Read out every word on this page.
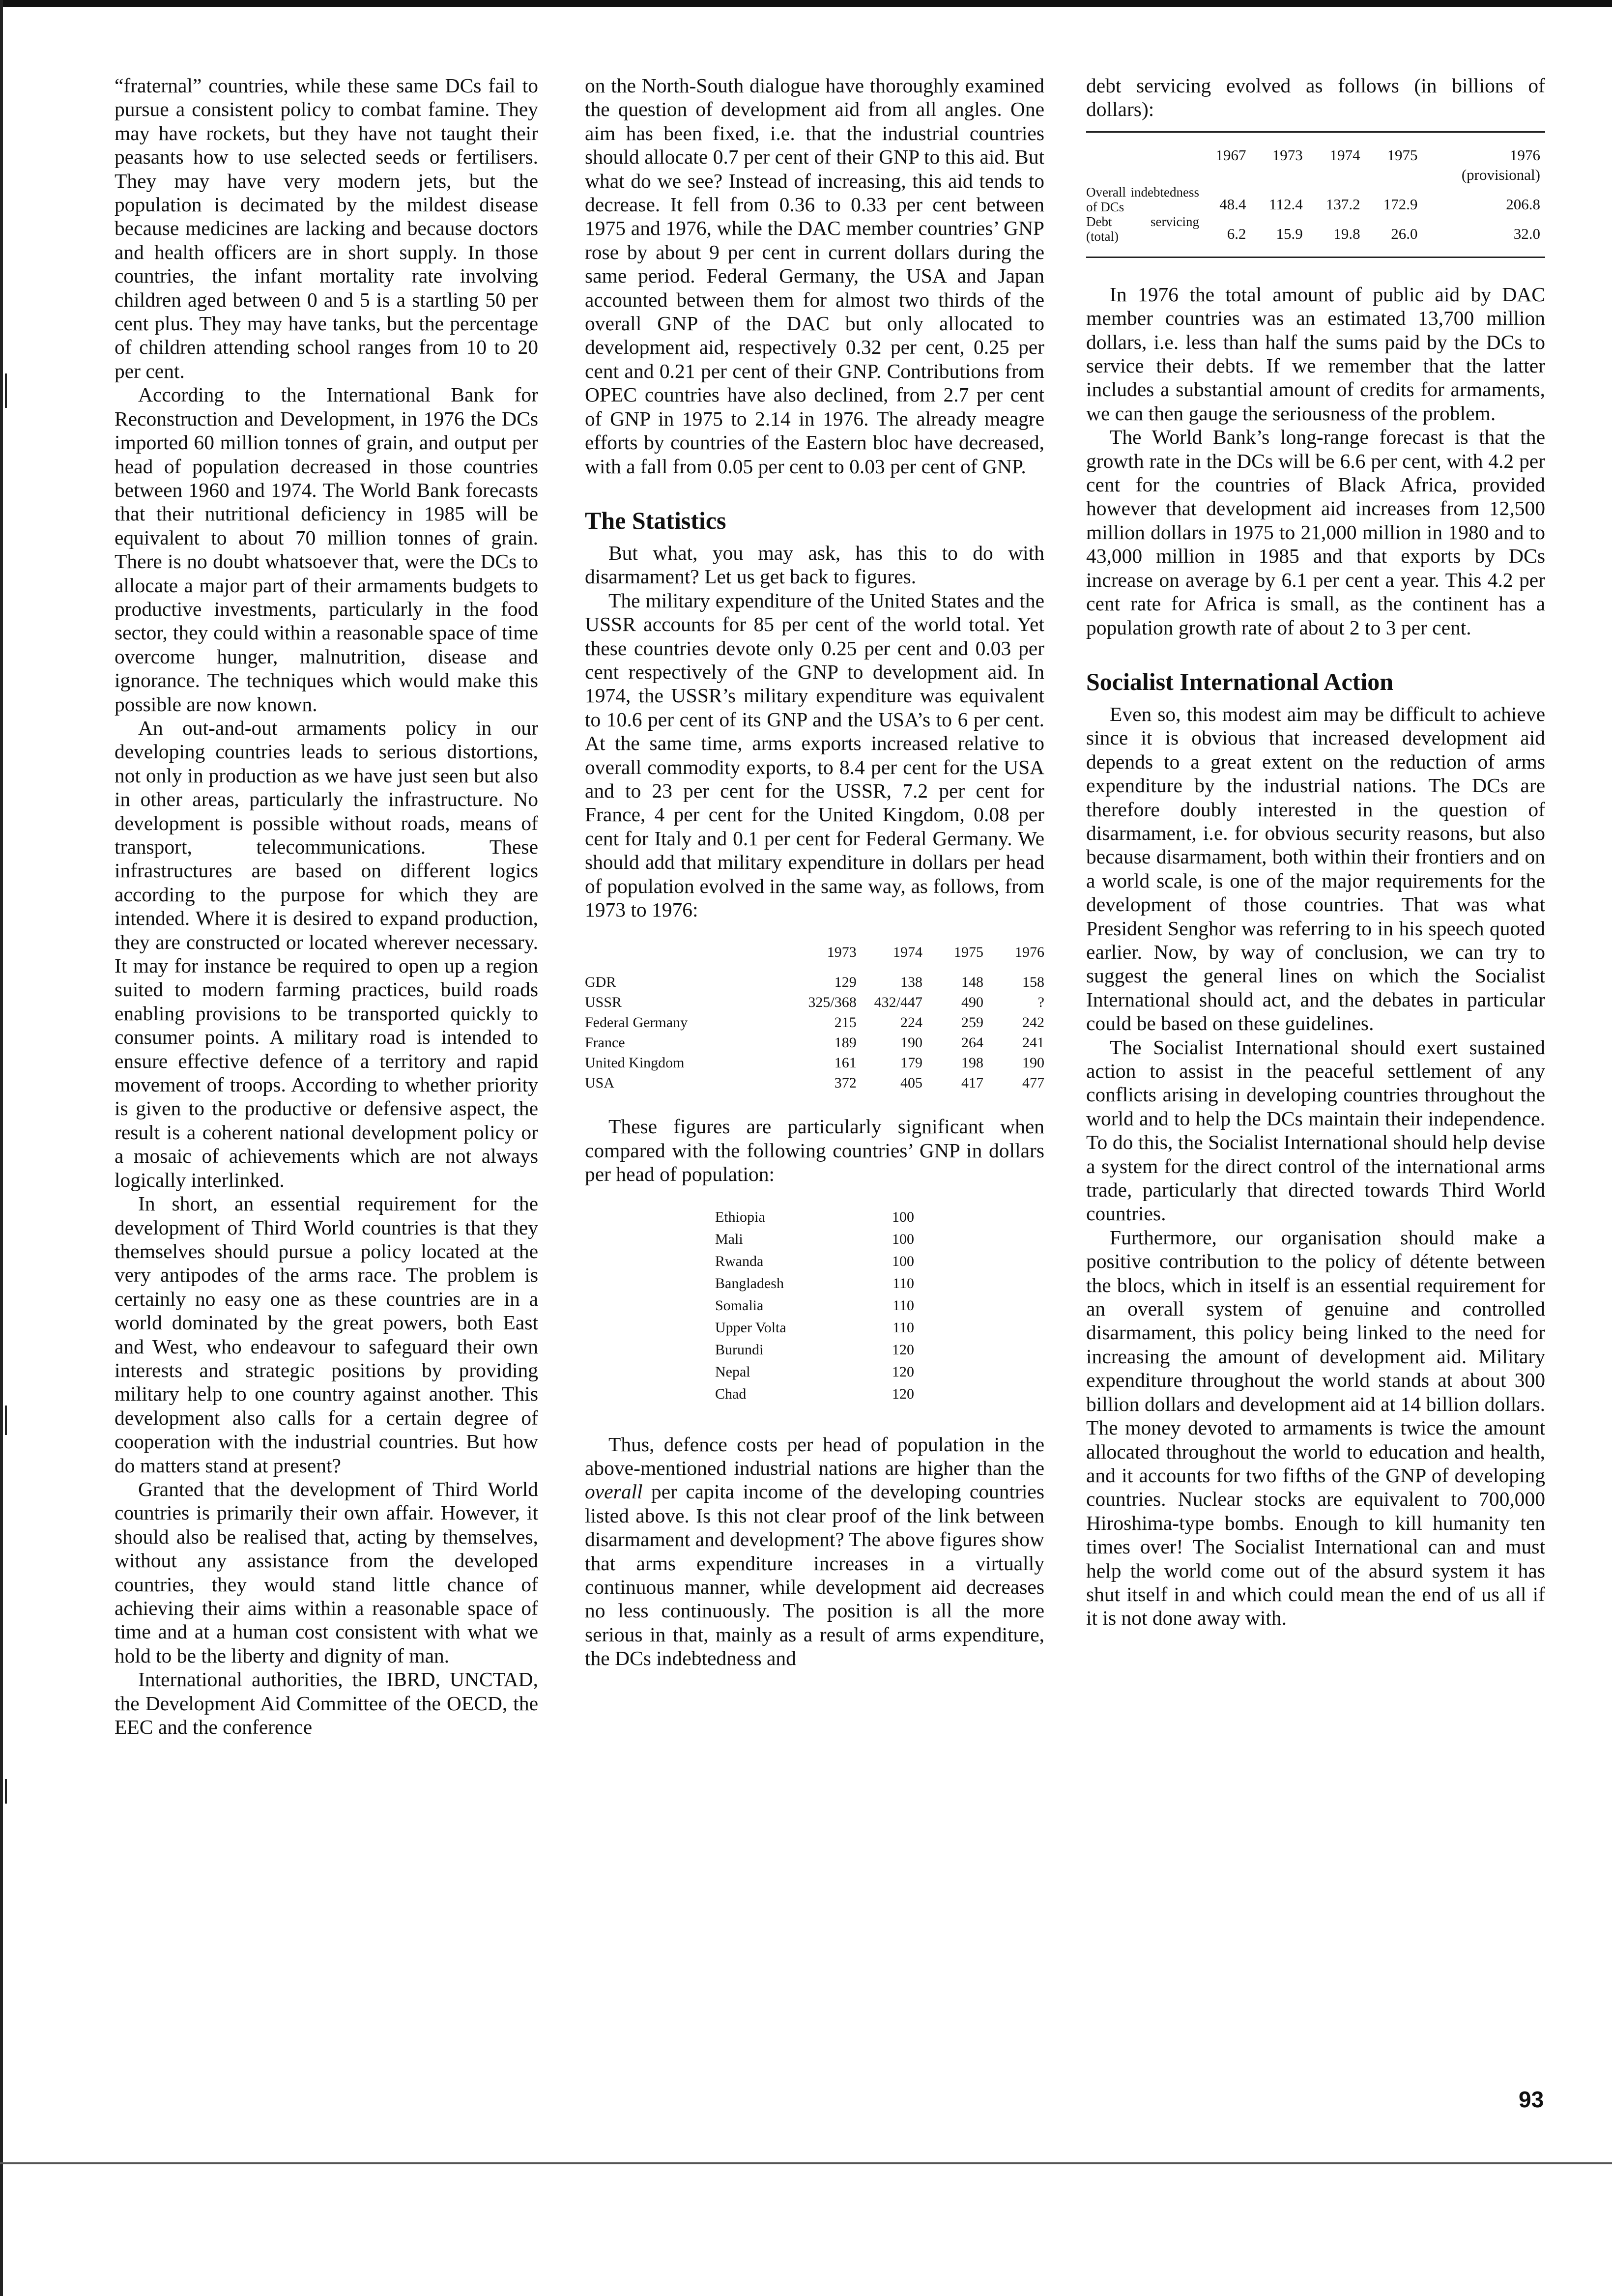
“fraternal” countries, while these same DCs fail to pursue a consistent policy to combat famine. They may have rockets, but they have not taught their peasants how to use selected seeds or fertilisers. They may have very modern jets, but the population is decimated by the mildest disease because medicines are lacking and because doctors and health officers are in short supply. In those countries, the infant mortality rate involving children aged between 0 and 5 is a startling 50 per cent plus. They may have tanks, but the percentage of children attending school ranges from 10 to 20 per cent.

According to the International Bank for Reconstruction and Development, in 1976 the DCs imported 60 million tonnes of grain, and output per head of population decreased in those countries between 1960 and 1974. The World Bank forecasts that their nutritional deficiency in 1985 will be equivalent to about 70 million tonnes of grain. There is no doubt whatsoever that, were the DCs to allocate a major part of their armaments budgets to productive investments, particularly in the food sector, they could within a reasonable space of time overcome hunger, malnutrition, disease and ignorance. The techniques which would make this possible are now known.

An out-and-out armaments policy in our developing countries leads to serious distortions, not only in production as we have just seen but also in other areas, particularly the infrastructure. No development is possible without roads, means of transport, telecommunications. These infrastructures are based on different logics according to the purpose for which they are intended. Where it is desired to expand production, they are constructed or located wherever necessary. It may for instance be required to open up a region suited to modern farming practices, build roads enabling provisions to be transported quickly to consumer points. A military road is intended to ensure effective defence of a territory and rapid movement of troops. According to whether priority is given to the productive or defensive aspect, the result is a coherent national development policy or a mosaic of achievements which are not always logically interlinked.

In short, an essential requirement for the development of Third World countries is that they themselves should pursue a policy located at the very antipodes of the arms race. The problem is certainly no easy one as these countries are in a world dominated by the great powers, both East and West, who endeavour to safeguard their own interests and strategic positions by providing military help to one country against another. This development also calls for a certain degree of cooperation with the industrial countries. But how do matters stand at present?

Granted that the development of Third World countries is primarily their own affair. However, it should also be realised that, acting by themselves, without any assistance from the developed countries, they would stand little chance of achieving their aims within a reasonable space of time and at a human cost consistent with what we hold to be the liberty and dignity of man.

International authorities, the IBRD, UNCTAD, the Development Aid Committee of the OECD, the EEC and the conference

on the North-South dialogue have thoroughly examined the question of development aid from all angles. One aim has been fixed, i.e. that the industrial countries should allocate 0.7 per cent of their GNP to this aid. But what do we see? Instead of increasing, this aid tends to decrease. It fell from 0.36 to 0.33 per cent between 1975 and 1976, while the DAC member countries’ GNP rose by about 9 per cent in current dollars during the same period. Federal Germany, the USA and Japan accounted between them for almost two thirds of the overall GNP of the DAC but only allocated to development aid, respectively 0.32 per cent, 0.25 per cent and 0.21 per cent of their GNP. Contributions from OPEC countries have also declined, from 2.7 per cent of GNP in 1975 to 2.14 in 1976. The already meagre efforts by countries of the Eastern bloc have decreased, with a fall from 0.05 per cent to 0.03 per cent of GNP.

The Statistics

But what, you may ask, has this to do with disarmament? Let us get back to figures.

The military expenditure of the United States and the USSR accounts for 85 per cent of the world total. Yet these countries devote only 0.25 per cent and 0.03 per cent respectively of the GNP to development aid. In 1974, the USSR’s military expenditure was equivalent to 10.6 per cent of its GNP and the USA’s to 6 per cent. At the same time, arms exports increased relative to overall commodity exports, to 8.4 per cent for the USA and to 23 per cent for the USSR, 7.2 per cent for France, 4 per cent for the United Kingdom, 0.08 per cent for Italy and 0.1 per cent for Federal Germany. We should add that military expenditure in dollars per head of population evolved in the same way, as follows, from 1973 to 1976:

	1973	1974	1975	1976

GDR	129	138	148	158
USSR	325/368	432/447	490	?
Federal Germany	215	224	259	242
France	189	190	264	241
United Kingdom	161	179	198	190
USA	372	405	417	477

These figures are particularly significant when compared with the following countries’ GNP in dollars per head of population:

Ethiopia	100
Mali	100
Rwanda	100
Bangladesh	110
Somalia	110
Upper Volta	110
Burundi	120
Nepal	120
Chad	120

Thus, defence costs per head of population in the above-mentioned industrial nations are higher than the overall per capita income of the developing countries listed above. Is this not clear proof of the link between disarmament and development? The above figures show that arms expenditure increases in a virtually continuous manner, while development aid decreases no less continuously. The position is all the more serious in that, mainly as a result of arms expenditure, the DCs indebtedness and

debt servicing evolved as follows (in billions of dollars):

	1967	1973	1974	1975	1976
					(provisional)
Overall indebtedness of DCs	48.4	112.4	137.2	172.9	206.8
Debt servicing (total)	6.2	15.9	19.8	26.0	32.0

In 1976 the total amount of public aid by DAC member countries was an estimated 13,700 million dollars, i.e. less than half the sums paid by the DCs to service their debts. If we remember that the latter includes a substantial amount of credits for armaments, we can then gauge the seriousness of the problem.

The World Bank’s long-range forecast is that the growth rate in the DCs will be 6.6 per cent, with 4.2 per cent for the countries of Black Africa, provided however that development aid increases from 12,500 million dollars in 1975 to 21,000 million in 1980 and to 43,000 million in 1985 and that exports by DCs increase on average by 6.1 per cent a year. This 4.2 per cent rate for Africa is small, as the continent has a population growth rate of about 2 to 3 per cent.

Socialist International Action

Even so, this modest aim may be difficult to achieve since it is obvious that increased development aid depends to a great extent on the reduction of arms expenditure by the industrial nations. The DCs are therefore doubly interested in the question of disarmament, i.e. for obvious security reasons, but also because disarmament, both within their frontiers and on a world scale, is one of the major requirements for the development of those countries. That was what President Senghor was referring to in his speech quoted earlier. Now, by way of conclusion, we can try to suggest the general lines on which the Socialist International should act, and the debates in particular could be based on these guidelines.

The Socialist International should exert sustained action to assist in the peaceful settlement of any conflicts arising in developing countries throughout the world and to help the DCs maintain their independence. To do this, the Socialist International should help devise a system for the direct control of the international arms trade, particularly that directed towards Third World countries.

Furthermore, our organisation should make a positive contribution to the policy of détente between the blocs, which in itself is an essential requirement for an overall system of genuine and controlled disarmament, this policy being linked to the need for increasing the amount of development aid. Military expenditure throughout the world stands at about 300 billion dollars and development aid at 14 billion dollars. The money devoted to armaments is twice the amount allocated throughout the world to education and health, and it accounts for two fifths of the GNP of developing countries. Nuclear stocks are equivalent to 700,000 Hiroshima-type bombs. Enough to kill humanity ten times over! The Socialist International can and must help the world come out of the absurd system it has shut itself in and which could mean the end of us all if it is not done away with.

93
